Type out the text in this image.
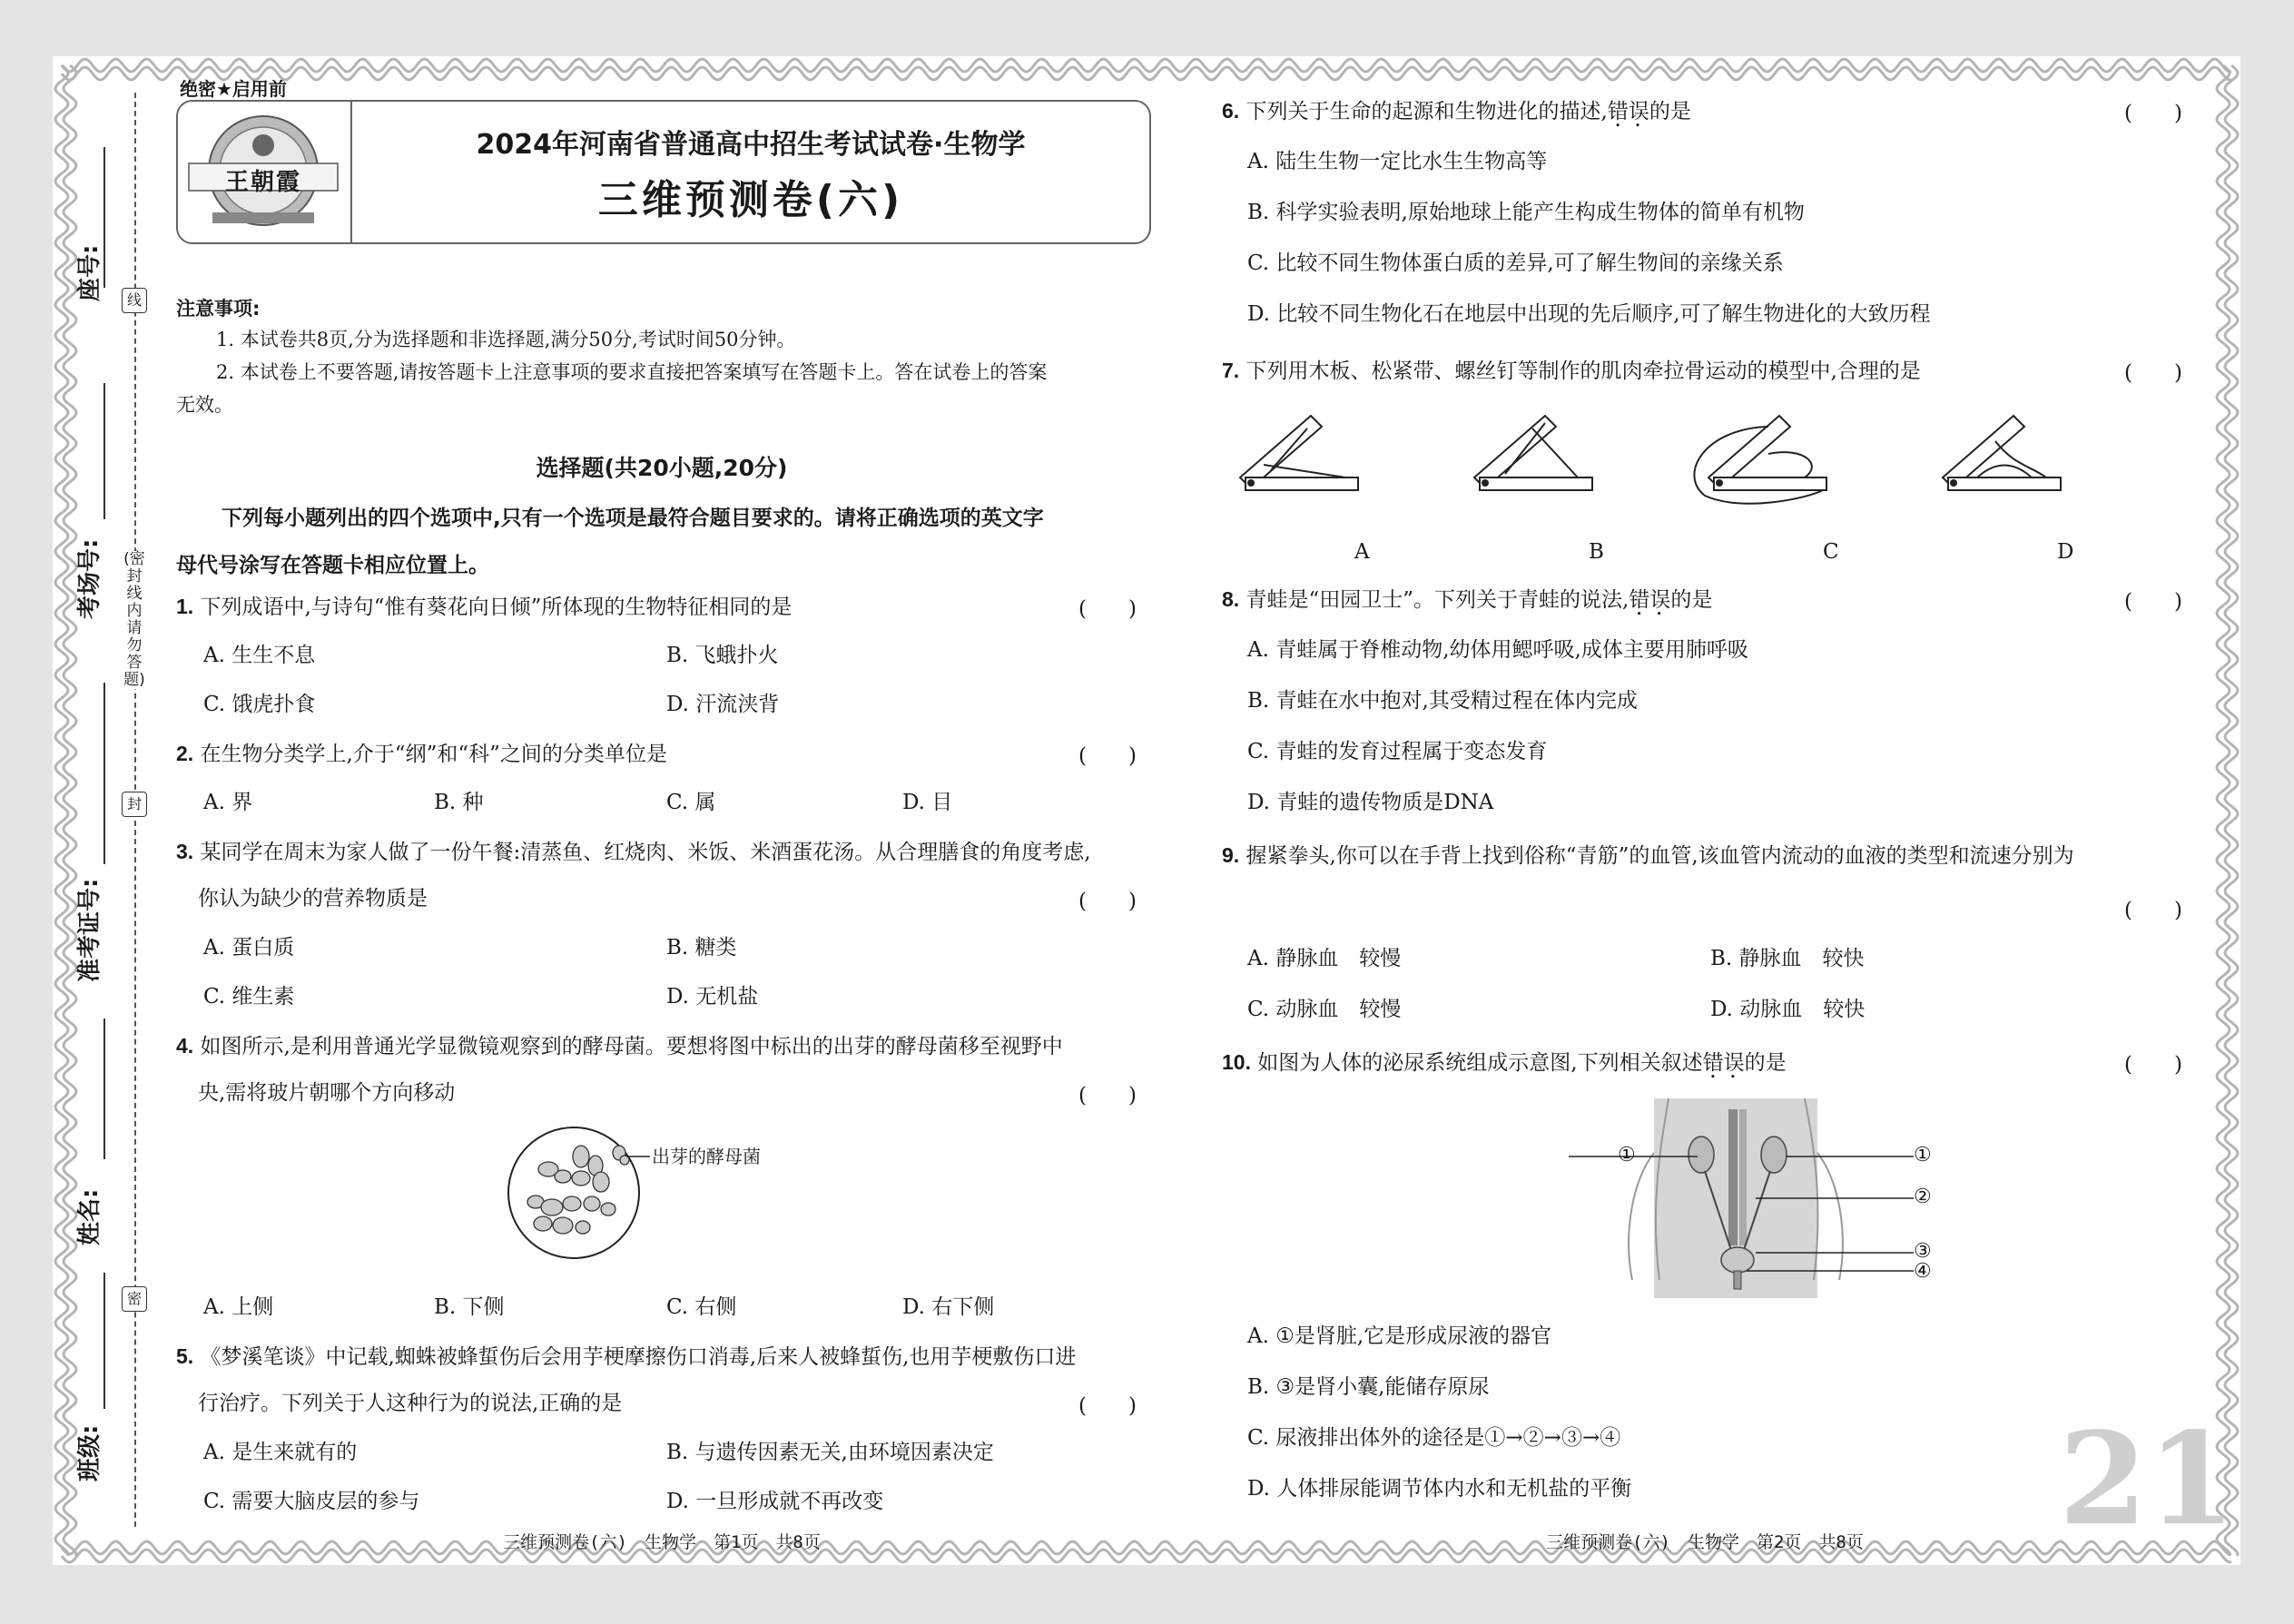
座号:
考场号:
准考证号:
姓名:
班级:
线
封
密
(密封线内请勿答题)
绝密★启用前
王朝霞
2024年河南省普通高中招生考试试卷·生物学
三维预测卷(六)
注意事项:
1. 本试卷共8页,分为选择题和非选择题,满分50分,考试时间50分钟。
2. 本试卷上不要答题,请按答题卡上注意事项的要求直接把答案填写在答题卡上。答在试卷上的答案
无效。
选择题(共20小题,20分)
下列每小题列出的四个选项中,只有一个选项是最符合题目要求的。请将正确选项的英文字
母代号涂写在答题卡相应位置上。
1. 下列成语中,与诗句“惟有葵花向日倾”所体现的生物特征相同的是	(　　)
A. 生生不息	B. 飞蛾扑火
C. 饿虎扑食	D. 汗流浃背
2. 在生物分类学上,介于“纲”和“科”之间的分类单位是	(　　)
A. 界	B. 种	C. 属	D. 目
3. 某同学在周末为家人做了一份午餐:清蒸鱼、红烧肉、米饭、米酒蛋花汤。从合理膳食的角度考虑,
你认为缺少的营养物质是	(　　)
A. 蛋白质	B. 糖类
C. 维生素	D. 无机盐
4. 如图所示,是利用普通光学显微镜观察到的酵母菌。要想将图中标出的出芽的酵母菌移至视野中
央,需将玻片朝哪个方向移动	(　　)
出芽的酵母菌
A. 上侧	B. 下侧	C. 右侧	D. 右下侧
5. 《梦溪笔谈》中记载,蜘蛛被蜂蜇伤后会用芋梗摩擦伤口消毒,后来人被蜂蜇伤,也用芋梗敷伤口进
行治疗。下列关于人这种行为的说法,正确的是	(　　)
A. 是生来就有的	B. 与遗传因素无关,由环境因素决定
C. 需要大脑皮层的参与	D. 一旦形成就不再改变
三维预测卷(六)　生物学　第1页　共8页
6. 下列关于生命的起源和生物进化的描述,错误 • •的是	(　　)
A. 陆生生物一定比水生生物高等
B. 科学实验表明,原始地球上能产生构成生物体的简单有机物
C. 比较不同生物体蛋白质的差异,可了解生物间的亲缘关系
D. 比较不同生物化石在地层中出现的先后顺序,可了解生物进化的大致历程
7. 下列用木板、松紧带、螺丝钉等制作的肌肉牵拉骨运动的模型中,合理的是	(　　)
A	B	C	D
8. 青蛙是“田园卫士”。下列关于青蛙的说法,错误 • •的是	(　　)
A. 青蛙属于脊椎动物,幼体用鳃呼吸,成体主要用肺呼吸
B. 青蛙在水中抱对,其受精过程在体内完成
C. 青蛙的发育过程属于变态发育
D. 青蛙的遗传物质是DNA
9. 握紧拳头,你可以在手背上找到俗称“青筋”的血管,该血管内流动的血液的类型和流速分别为
(　　)
A. 静脉血　较慢	B. 静脉血　较快
C. 动脉血　较慢	D. 动脉血　较快
10. 如图为人体的泌尿系统组成示意图,下列相关叙述错误 • •的是	(　　)
①	①
②
③
④
A. ①是肾脏,它是形成尿液的器官
B. ③是肾小囊,能储存原尿
C. 尿液排出体外的途径是①→②→③→④
D. 人体排尿能调节体内水和无机盐的平衡	21
三维预测卷(六)　生物学　第2页　共8页
